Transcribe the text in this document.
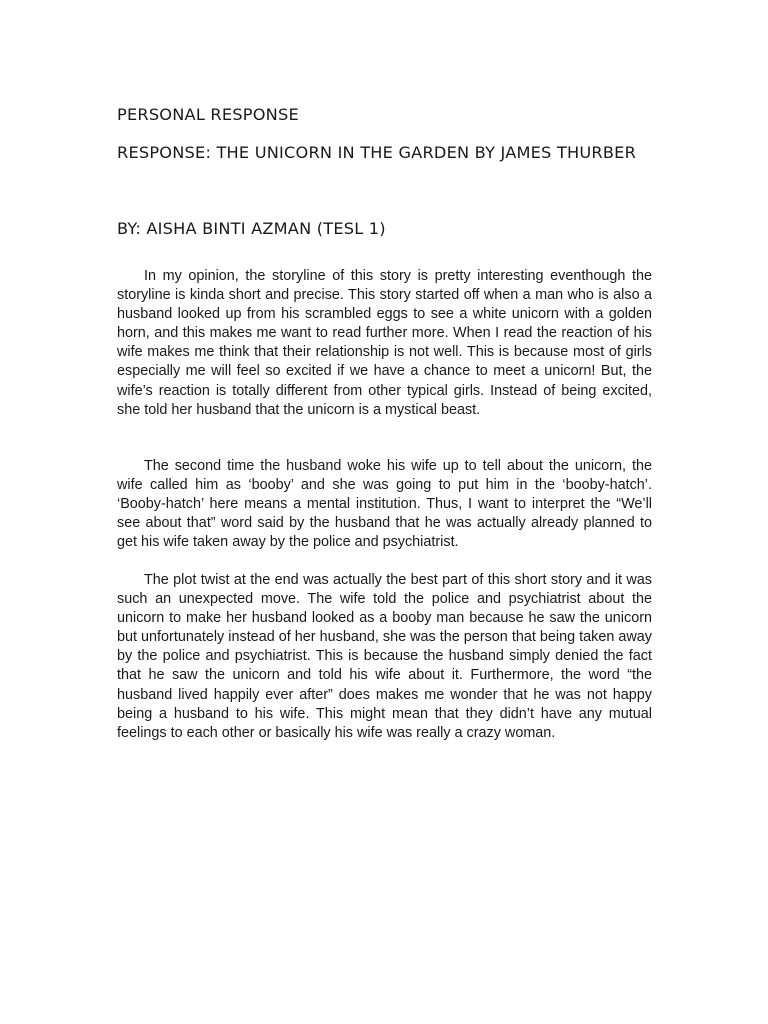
PERSONAL RESPONSE
RESPONSE: THE UNICORN IN THE GARDEN BY JAMES THURBER
BY: AISHA BINTI AZMAN (TESL 1)

In my opinion, the storyline of this story is pretty interesting eventhough the storyline is kinda short and precise. This story started off when a man who is also a husband looked up from his scrambled eggs to see a white unicorn with a golden horn, and this makes me want to read further more. When I read the reaction of his wife makes me think that their relationship is not well. This is because most of girls especially me will feel so excited if we have a chance to meet a unicorn! But, the wife’s reaction is totally different from other typical girls. Instead of being excited, she told her husband that the unicorn is a mystical beast.

The second time the husband woke his wife up to tell about the unicorn, the wife called him as ‘booby’ and she was going to put him in the ‘booby-hatch’. ‘Booby-hatch’ here means a mental institution. Thus, I want to interpret the “We’ll see about that” word said by the husband that he was actually already planned to get his wife taken away by the police and psychiatrist.

The plot twist at the end was actually the best part of this short story and it was such an unexpected move. The wife told the police and psychiatrist about the unicorn to make her husband looked as a booby man because he saw the unicorn but unfortunately instead of her husband, she was the person that being taken away by the police and psychiatrist. This is because the husband simply denied the fact that he saw the unicorn and told his wife about it. Furthermore, the word “the husband lived happily ever after” does makes me wonder that he was not happy being a husband to his wife. This might mean that they didn’t have any mutual feelings to each other or basically his wife was really a crazy woman.
